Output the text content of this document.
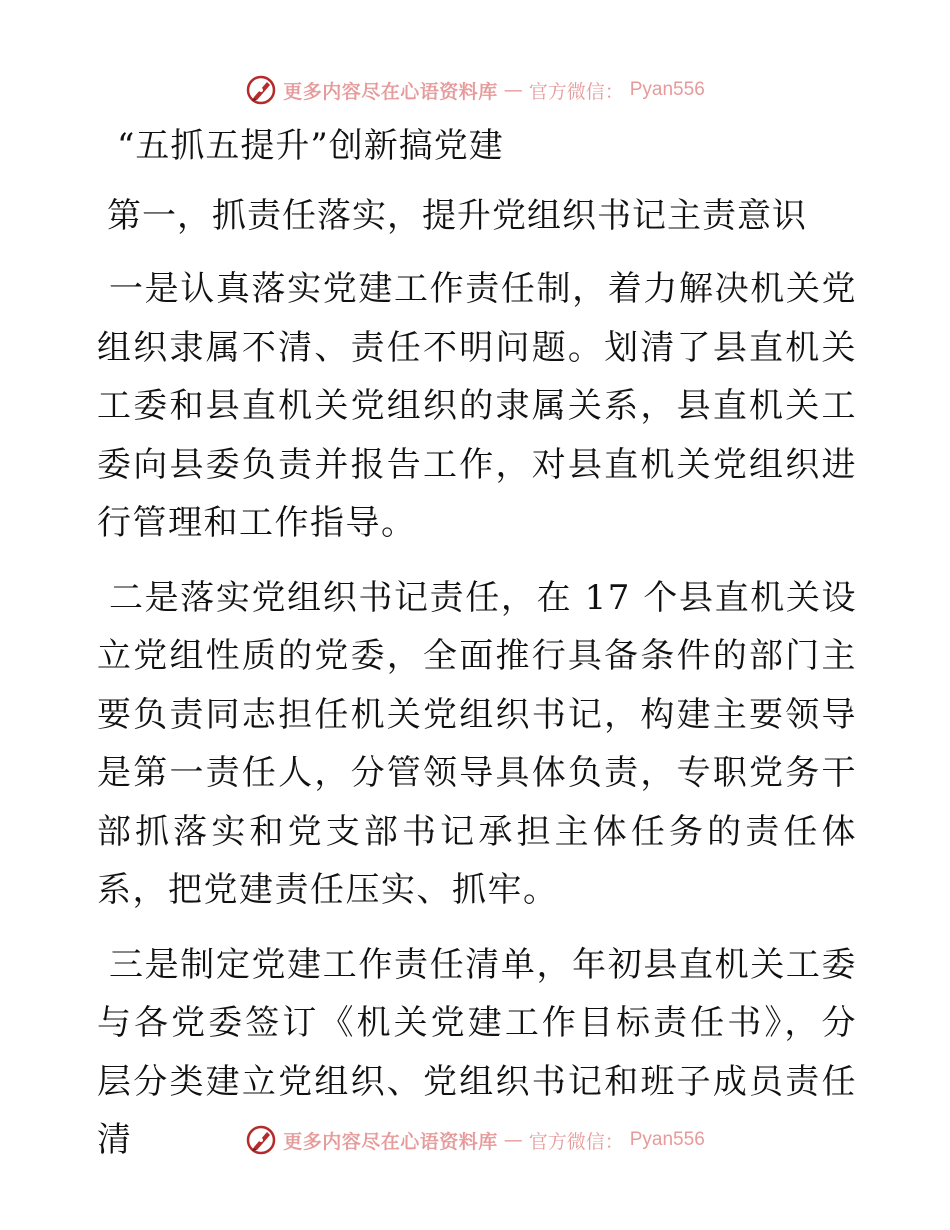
更多内容尽在心语资料库 — 官方微信： Pyan556
“五抓五提升”创新搞党建
第一，抓责任落实，提升党组织书记主责意识

一是认真落实党建工作责任制，着力解决机关党组织隶属不清、责任不明问题。划清了县直机关工委和县直机关党组织的隶属关系，县直机关工委向县委负责并报告工作，对县直机关党组织进行管理和工作指导。

二是落实党组织书记责任，在 17 个县直机关设立党组性质的党委，全面推行具备条件的部门主要负责同志担任机关党组织书记，构建主要领导是第一责任人，分管领导具体负责，专职党务干部抓落实和党支部书记承担主体任务的责任体系，把党建责任压实、抓牢。

三是制定党建工作责任清单，年初县直机关工委与各党委签订《机关党建工作目标责任书》，分层分类建立党组织、党组织书记和班子成员责任清	更多内容尽在心语资料库 — 官方微信： Pyan556
